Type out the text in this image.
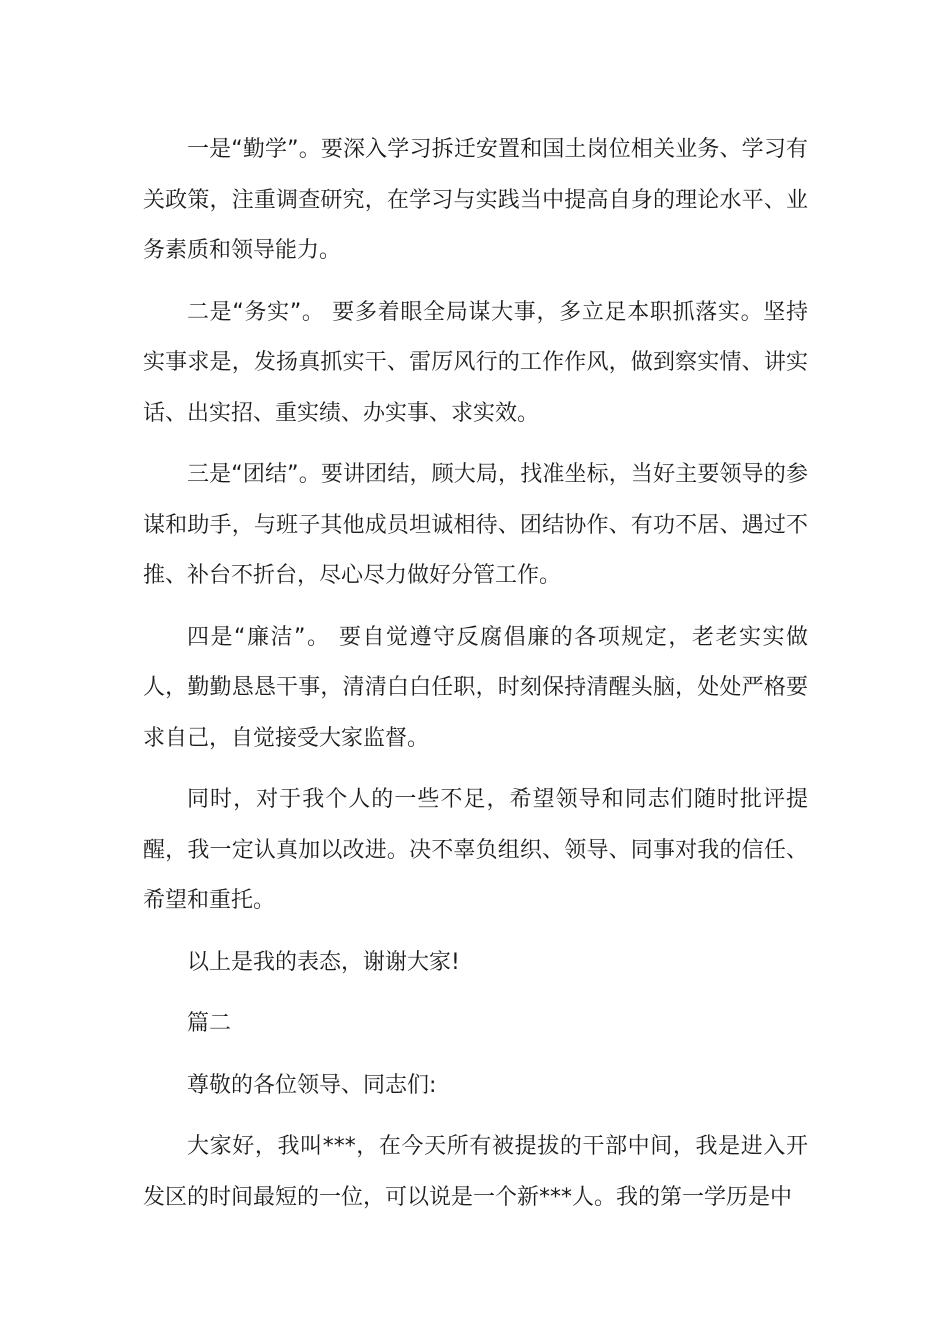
一是“勤学”。要深入学习拆迁安置和国土岗位相关业务、学习有关政策，注重调查研究，在学习与实践当中提高自身的理论水平、业务素质和领导能力。

二是“务实”。 要多着眼全局谋大事，多立足本职抓落实。坚持实事求是，发扬真抓实干、雷厉风行的工作作风，做到察实情、讲实话、出实招、重实绩、办实事、求实效。

三是“团结”。要讲团结，顾大局，找准坐标，当好主要领导的参谋和助手，与班子其他成员坦诚相待、团结协作、有功不居、遇过不推、补台不折台，尽心尽力做好分管工作。

四是“廉洁”。 要自觉遵守反腐倡廉的各项规定，老老实实做人，勤勤恳恳干事，清清白白任职，时刻保持清醒头脑，处处严格要求自己，自觉接受大家监督。

同时，对于我个人的一些不足，希望领导和同志们随时批评提醒，我一定认真加以改进。决不辜负组织、领导、同事对我的信任、希望和重托。

以上是我的表态，谢谢大家!

篇二

尊敬的各位领导、同志们:

大家好，我叫***，在今天所有被提拔的干部中间，我是进入开发区的时间最短的一位，可以说是一个新***人。我的第一学历是中
